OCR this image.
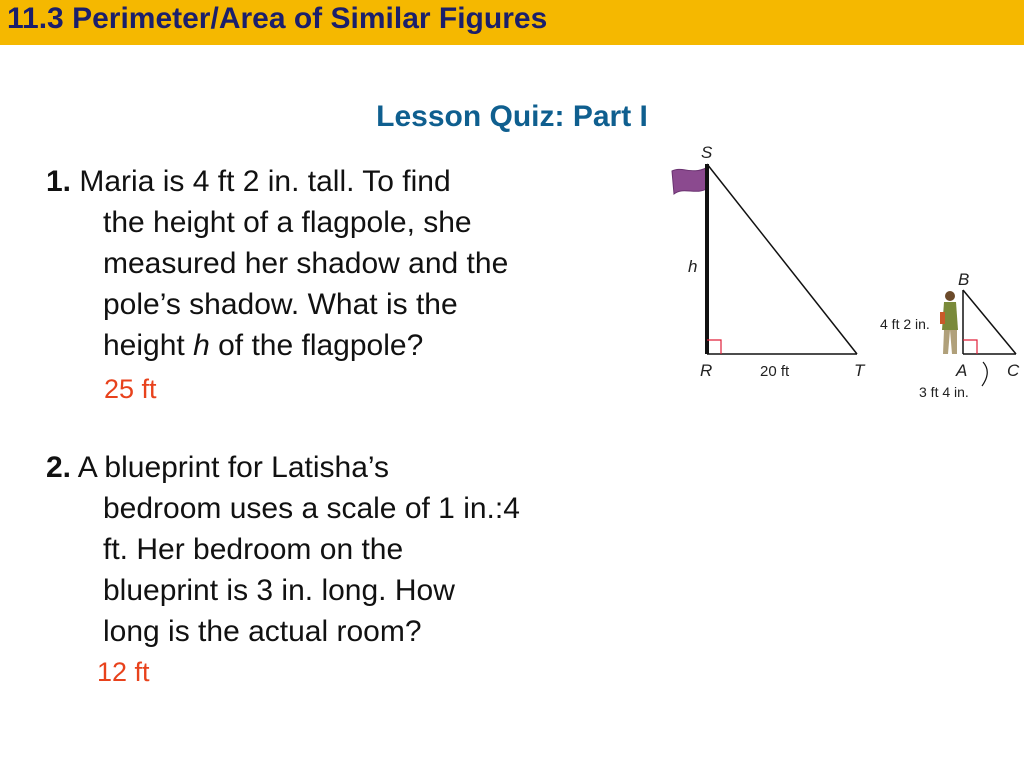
11.3 Perimeter/Area of Similar Figures
Lesson Quiz: Part I
1. Maria is 4 ft 2 in. tall. To find
the height of a flagpole, she
measured her shadow and the
pole’s shadow. What is the
height h of the flagpole?
25 ft
2. A blueprint for Latisha’s
bedroom uses a scale of 1 in.:4
ft. Her bedroom on the
blueprint is 3 in. long. How
long is the actual room?
12 ft
S
h
R	20 ft	T
B
4 ft 2 in.
A C
3 ft 4 in.
